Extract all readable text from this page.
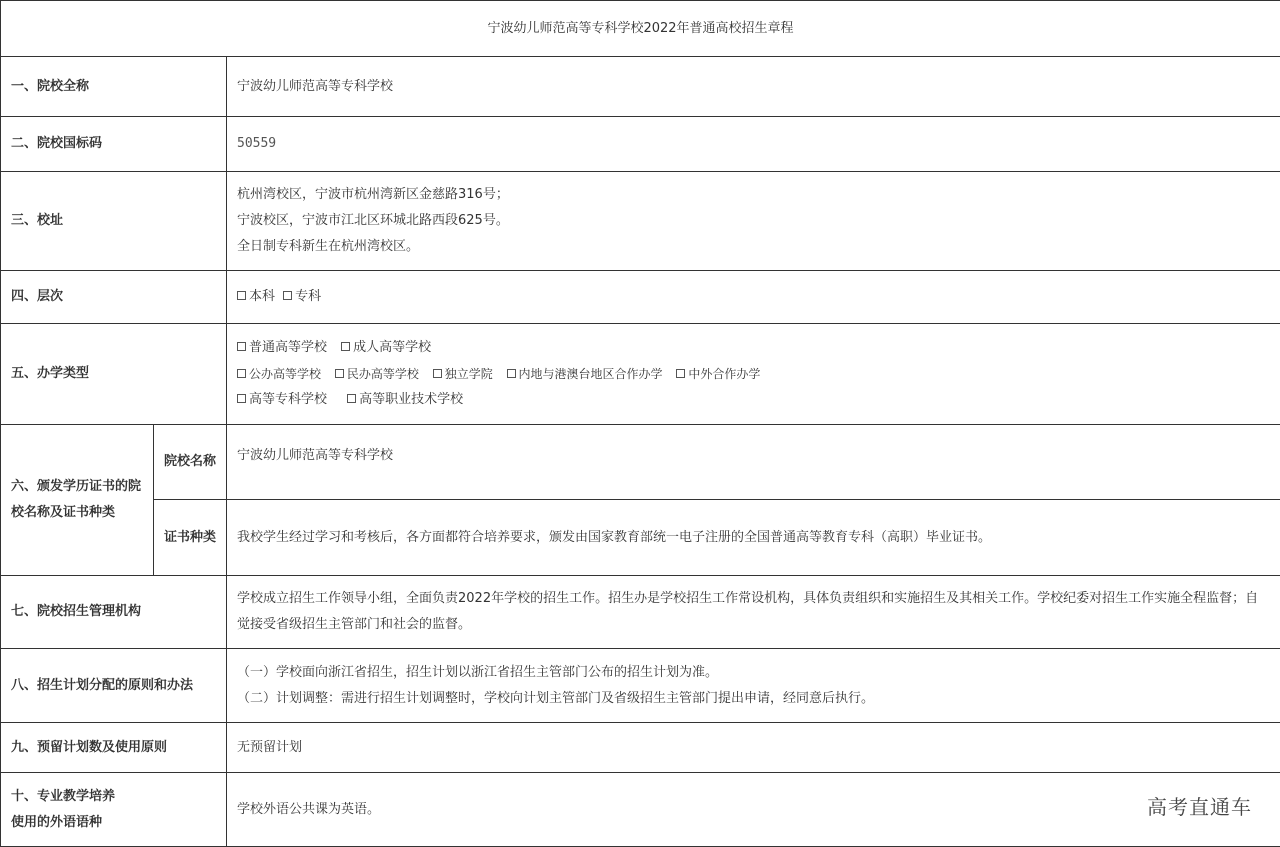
宁波幼儿师范高等专科学校2022年普通高校招生章程		
一、院校全称		宁波幼儿师范高等专科学校
二、院校国标码		50559
三、校址		杭州湾校区，宁波市杭州湾新区金慈路316号；
宁波校区，宁波市江北区环城北路西段625号。
全日制专科新生在杭州湾校区。

四、层次		本科 专科
五、办学类型		普通高等学校 成人高等学校
公办高等学校 民办高等学校 独立学院 内地与港澳台地区合作办学 中外合作办学
高等专科学校 高等职业技术学校

六、颁发学历证书的院校名称及证书种类	院校名称	宁波幼儿师范高等专科学校
	证书种类	我校学生经过学习和考核后，各方面都符合培养要求，颁发由国家教育部统一电子注册的全国普通高等教育专科（高职）毕业证书。
七、院校招生管理机构		学校成立招生工作领导小组，全面负责2022年学校的招生工作。招生办是学校招生工作常设机构，具体负责组织和实施招生及其相关工作。学校纪委对招生工作实施全程监督；自觉接受省级招生主管部门和社会的监督。
八、招生计划分配的原则和办法		（一）学校面向浙江省招生，招生计划以浙江省招生主管部门公布的招生计划为准。
（二）计划调整：需进行招生计划调整时，学校向计划主管部门及省级招生主管部门提出申请，经同意后执行。

九、预留计划数及使用原则		无预留计划

十、专业教学培养
使用的外语语种		学校外语公共课为英语。	高考直通车
